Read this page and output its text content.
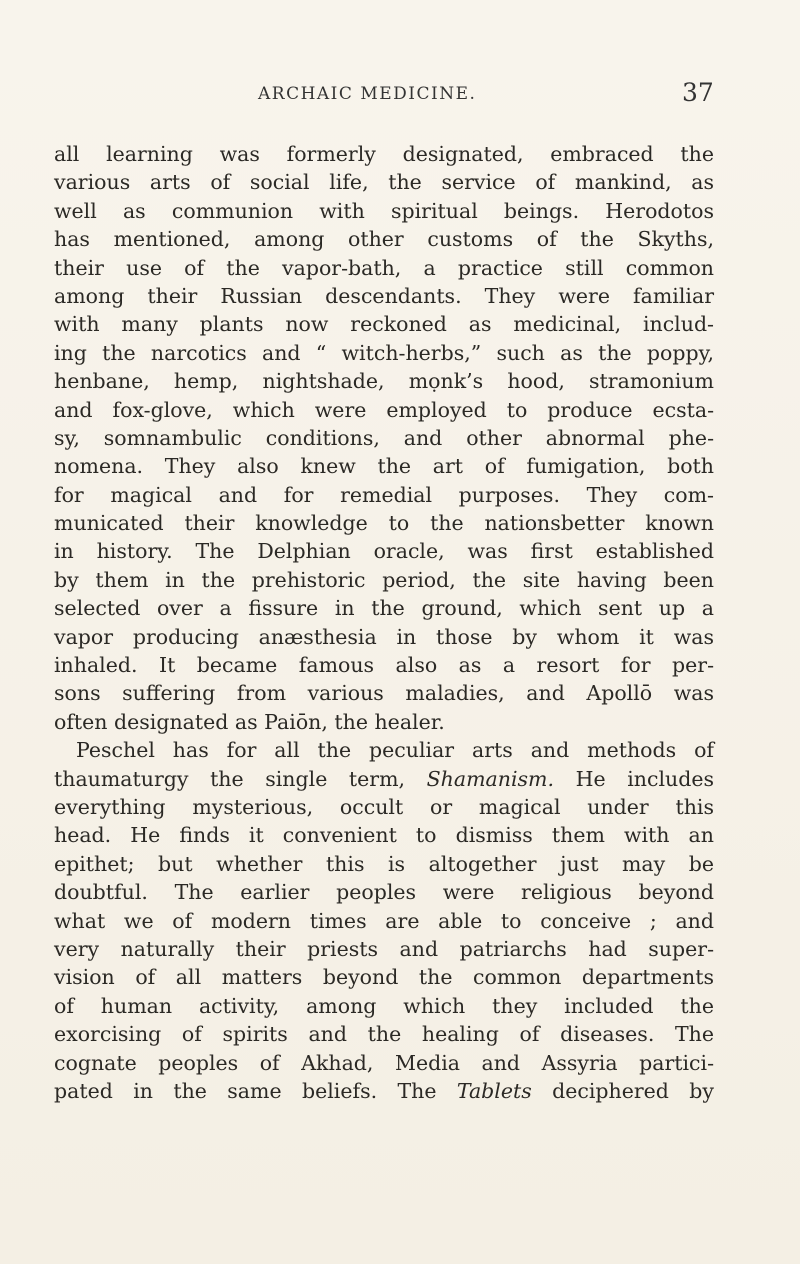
ARCHAIC MEDICINE.	37
all learning was formerly designated, embraced the
various arts of social life, the service of mankind, as
well as communion with spiritual beings. Herodotos
has mentioned, among other customs of the Skyths,
their use of the vapor-bath, a practice still common
among their Russian descendants. They were familiar
with many plants now reckoned as medicinal, includ-
ing the narcotics and “ witch-herbs,” such as the poppy,
henbane, hemp, nightshade, mọnk’s hood, stramonium
and fox-glove, which were employed to produce ecsta-
sy, somnambulic conditions, and other abnormal phe-
nomena. They also knew the art of fumigation, both
for magical and for remedial purposes. They com-
municated their knowledge to the nationsbetter known
in history. The Delphian oracle, was first established
by them in the prehistoric period, the site having been
selected over a fissure in the ground, which sent up a
vapor producing anæsthesia in those by whom it was
inhaled. It became famous also as a resort for per-
sons suffering from various maladies, and Apollō was
often designated as Paiōn, the healer.
Peschel has for all the peculiar arts and methods of
thaumaturgy the single term, Shamanism. He includes
everything mysterious, occult or magical under this
head. He finds it convenient to dismiss them with an
epithet; but whether this is altogether just may be
doubtful. The earlier peoples were religious beyond
what we of modern times are able to conceive ; and
very naturally their priests and patriarchs had super-
vision of all matters beyond the common departments
of human activity, among which they included the
exorcising of spirits and the healing of diseases. The
cognate peoples of Akhad, Media and Assyria partici-
pated in the same beliefs. The Tablets deciphered by
